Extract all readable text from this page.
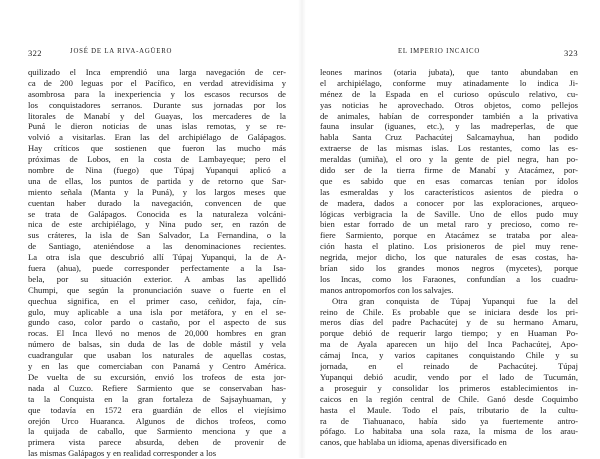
322	JOSÉ DE LA RIVA-AGÜERO
quilizado el Inca emprendió una larga navegación de cer-
ca de 200 leguas por el Pacífico, en verdad atrevidísima y
asombrosa para la inexperiencia y los escasos recursos de
los conquistadores serranos. Durante sus jornadas por los
litorales de Manabí y del Guayas, los mercaderes de la
Puná le dieron noticias de unas islas remotas, y se re-
volvió a visitarlas. Eran las del archipiélago de Galápagos.
Hay críticos que sostienen que fueron las mucho más
próximas de Lobos, en la costa de Lambayeque; pero el
nombre de Nina (fuego) que Túpaj Yupanqui aplicó a
una de ellas, los puntos de partida y de retorno que Sar-
miento señala (Manta y la Puná), y los largos meses que
cuentan haber durado la navegación, convencen de que
se trata de Galápagos. Conocida es la naturaleza volcáni-
nica de este archipiélago, y Nina pudo ser, en razón de
sus cráteres, la isla de San Salvador, La Fernandina, o la
de Santiago, ateniéndose a las denominaciones recientes.
La otra isla que descubrió allí Túpaj Yupanqui, la de A-
fuera (ahua), puede corresponder perfectamente a la Isa-
bela, por su situación exterior. A ambas las apellidó
Chumpi, que según la pronunciación suave o fuerte en el
quechua significa, en el primer caso, ceñidor, faja, cín-
gulo, muy aplicable a una isla por metáfora, y en el se-
gundo caso, color pardo o castaño, por el aspecto de sus
rocas. El Inca llevó no menos de 20,000 hombres en gran
número de balsas, sin duda de las de doble mástil y vela
cuadrangular que usaban los naturales de aquellas costas,
y en las que comerciaban con Panamá y Centro América.
De vuelta de su excursión, envió los trofeos de esta jor-
nada al Cuzco. Refiere Sarmiento que se conservaban has-
ta la Conquista en la gran fortaleza de Sajsayhuaman, y
que todavía en 1572 era guardián de ellos el viejísimo
orejón Urco Huaranca. Algunos de dichos trofeos, como
la quijada de caballo, que Sarmiento menciona y que a
primera vista parece absurda, deben de provenir de
las mismas Galápagos y en realidad corresponder a los
EL IMPERIO INCAICO	323
leones marinos (otaria jubata), que tanto abundaban en
el archipiélago, conforme muy atinadamente lo indica Ji-
ménez de la Espada en el curioso opúsculo relativo, cu-
yas noticias he aprovechado. Otros objetos, como pellejos
de animales, habían de corresponder también a la privativa
fauna insular (iguanes, etc.), y las madreperlas, de que
habla Santa Cruz Pachacútej Salcamayhua, han podido
extraerse de las mismas islas. Los restantes, como las es-
meraldas (umiña), el oro y la gente de piel negra, han po-
dido ser de la tierra firme de Manabí y Atacámez, por-
que es sabido que en esas comarcas tenían por ídolos
las esmeraldas y los característicos asientos de piedra o
de madera, dados a conocer por las exploraciones, arqueo-
lógicas verbigracia la de Saville. Uno de ellos pudo muy
bien estar forrado de un metal raro y precioso, como re-
fiere Sarmiento, porque en Atacámez se trataba por alea-
ción hasta el platino. Los prisioneros de piel muy rene-
negrida, mejor dicho, los que naturales de esas costas, ha-
brían sido los grandes monos negros (mycetes), porque
los Incas, como los Faraones, confundían a los cuadru-
manos antropomorfos con los salvajes.
Otra gran conquista de Túpaj Yupanqui fue la del
reino de Chile. Es probable que se iniciara desde los pri-
meros días del padre Pachacútej y de su hermano Amaru,
porque debió de requerir largo tiempo; y en Huaman Po-
ma de Ayala aparecen un hijo del Inca Pachacútej, Apo-
cámaj Inca, y varios capitanes conquistando Chile y su
jornada, en el reinado de Pachacútej. Túpaj
Yupanqui debió acudir, vendo por el lado de Tucumán,
a proseguir y consolidar los primeros establecimientos in-
caicos en la región central de Chile. Ganó desde Coquimbo
hasta el Maule. Todo el país, tributario de la cultu-
ra de Tiahuanaco, había sido ya fuertemente antro-
pófago. Lo habitaba una sola raza, la misma de los arau-
canos, que hablaba un idioma, apenas diversificado en
